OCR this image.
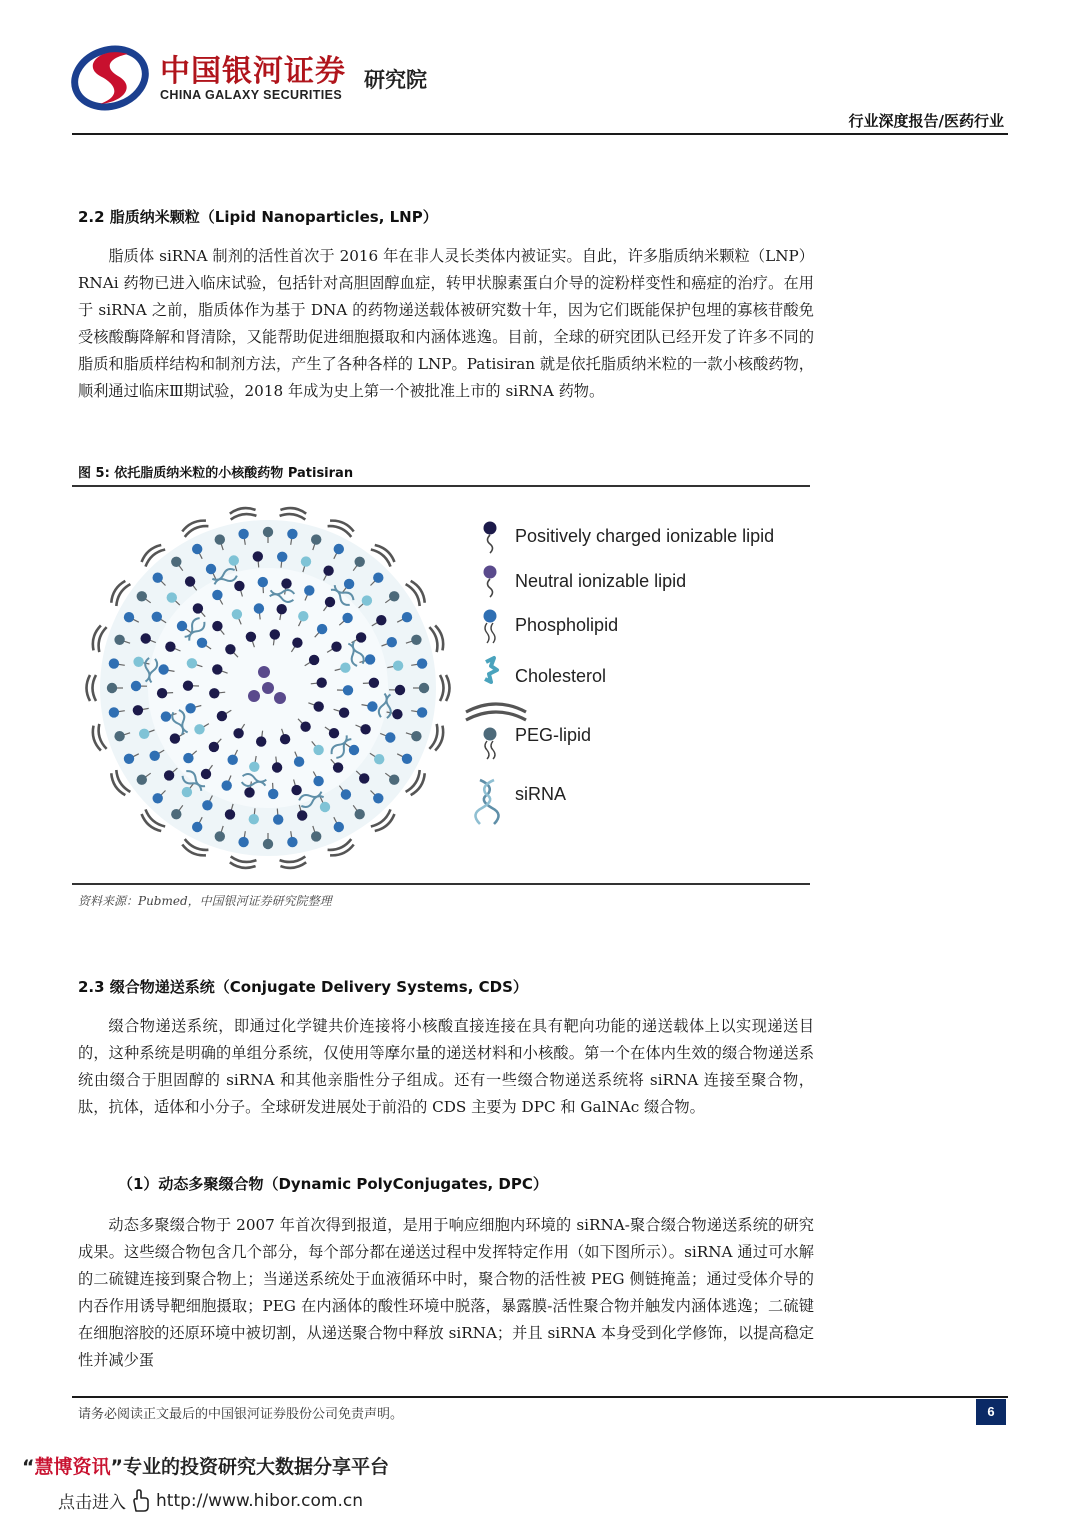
中国银河证券
CHINA GALAXY SECURITIES
研究院
行业深度报告/医药行业
2.2 脂质纳米颗粒（Lipid Nanoparticles, LNP）
脂质体 siRNA 制剂的活性首次于 2016 年在非人灵长类体内被证实。自此，许多脂质纳米颗粒（LNP）RNAi 药物已进入临床试验，包括针对高胆固醇血症，转甲状腺素蛋白介导的淀粉样变性和癌症的治疗。在用于 siRNA 之前，脂质体作为基于 DNA 的药物递送载体被研究数十年，因为它们既能保护包埋的寡核苷酸免受核酸酶降解和肾清除，又能帮助促进细胞摄取和内涵体逃逸。目前，全球的研究团队已经开发了许多不同的脂质和脂质样结构和制剂方法，产生了各种各样的 LNP。Patisiran 就是依托脂质纳米粒的一款小核酸药物，顺利通过临床Ⅲ期试验，2018 年成为史上第一个被批准上市的 siRNA 药物。
图 5: 依托脂质纳米粒的小核酸药物 Patisiran
Positively charged ionizable lipid
Neutral ionizable lipid
Phospholipid
Cholesterol
PEG-lipid
siRNA
资料来源：Pubmed，中国银河证券研究院整理
2.3 缀合物递送系统（Conjugate Delivery Systems, CDS）
缀合物递送系统，即通过化学键共价连接将小核酸直接连接在具有靶向功能的递送载体上以实现递送目的，这种系统是明确的单组分系统，仅使用等摩尔量的递送材料和小核酸。第一个在体内生效的缀合物递送系统由缀合于胆固醇的 siRNA 和其他亲脂性分子组成。还有一些缀合物递送系统将 siRNA 连接至聚合物，肽，抗体，适体和小分子。全球研发进展处于前沿的 CDS 主要为 DPC 和 GalNAc 缀合物。
（1）动态多聚缀合物（Dynamic PolyConjugates, DPC）
动态多聚缀合物于 2007 年首次得到报道，是用于响应细胞内环境的 siRNA-聚合缀合物递送系统的研究成果。这些缀合物包含几个部分，每个部分都在递送过程中发挥特定作用（如下图所示）。siRNA 通过可水解的二硫键连接到聚合物上；当递送系统处于血液循环中时，聚合物的活性被 PEG 侧链掩盖；通过受体介导的内吞作用诱导靶细胞摄取；PEG 在内涵体的酸性环境中脱落，暴露膜-活性聚合物并触发内涵体逃逸；二硫键在细胞溶胶的还原环境中被切割，从递送聚合物中释放 siRNA；并且 siRNA 本身受到化学修饰，以提高稳定性并减少蛋
请务必阅读正文最后的中国银河证券股份公司免责声明。	6
“慧博资讯”专业的投资研究大数据分享平台
点击进入 http://www.hibor.com.cn
